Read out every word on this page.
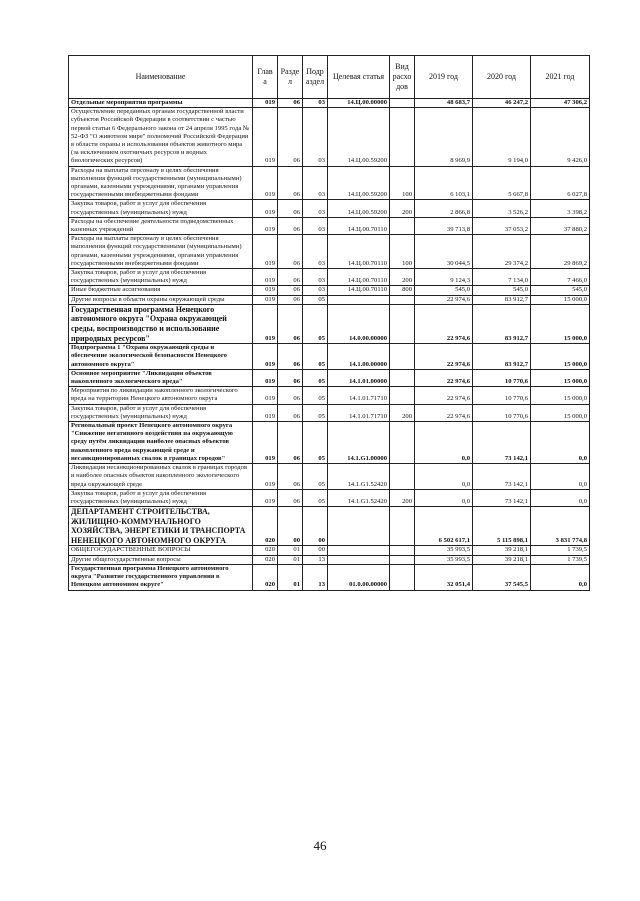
Наименование	Глав а	Разде л	Подр аздел	Целевая статья	Вид расхо дов	2019 год	2020 год	2021 год
Отдельные мероприятия программы	019	06	03	14.Ц.00.00000		48 683,7	46 247,2	47 306,2
Осуществление переданных органам государственной власти субъектов Российской Федерации в соответствии с частью первой статьи 6 Федерального закона от 24 апреля 1995 года № 52-ФЗ "О животном мире" полномочий Российской Федерации в области охраны и использования объектов животного мира (за исключением охотничьих ресурсов и водных биологических ресурсов)	019	06	03	14.Ц.00.59200		8 969,9	9 194,0	9 426,0
Расходы на выплаты персоналу в целях обеспечения выполнения функций государственными (муниципальными) органами, казенными учреждениями, органами управления государственными внебюджетными фондами	019	06	03	14.Ц.00.59200	100	6 103,1	5 667,8	6 027,8
Закупка товаров, работ и услуг для обеспечения государственных (муниципальных) нужд	019	06	03	14.Ц.00.59200	200	2 866,8	3 526,2	3 398,2
Расходы на обеспечение деятельности подведомственных казенных учреждений	019	06	03	14.Ц.00.70110		39 713,8	37 053,2	37 880,2
Расходы на выплаты персоналу в целях обеспечения выполнения функций государственными (муниципальными) органами, казенными учреждениями, органами управления государственными внебюджетными фондами	019	06	03	14.Ц.00.70110	100	30 044,5	29 374,2	29 869,2
Закупка товаров, работ и услуг для обеспечения государственных (муниципальных) нужд	019	06	03	14.Ц.00.70110	200	9 124,3	7 134,0	7 466,0
Иные бюджетные ассигнования	019	06	03	14.Ц.00.70110	800	545,0	545,0	545,0
Другие вопросы в области охраны окружающей среды	019	06	05			22 974,6	83 912,7	15 000,0
Государственная программа Ненецкого автономного округа "Охрана окружающей среды, воспроизводство и использование природных ресурсов"	019	06	05	14.0.00.00000		22 974,6	83 912,7	15 000,0
Подпрограмма 1 "Охрана окружающей среды и обеспечение экологической безопасности Ненецкого автономного округа"	019	06	05	14.1.00.00000		22 974,6	83 912,7	15 000,0
Основное мероприятие "Ликвидация объектов накопленного экологического вреда"	019	06	05	14.1.01.00000		22 974,6	10 770,6	15 000,0
Мероприятия по ликвидации накопленного экологического вреда на территории Ненецкого автономного округа	019	06	05	14.1.01.71710		22 974,6	10 770,6	15 000,0
Закупка товаров, работ и услуг для обеспечения государственных (муниципальных) нужд	019	06	05	14.1.01.71710	200	22 974,6	10 770,6	15 000,0
Региональный проект Ненецкого автономного округа "Снижение негативного воздействия на окружающую среду путём ликвидации наиболее опасных объектов накопленного вреда окружающей среде и несанкционированных свалок в границах городов"	019	06	05	14.1.G1.00000		0,0	73 142,1	0,0
Ликвидация несанкционированных свалок в границах городов и наиболее опасных объектов накопленного экологического вреда окружающей среде	019	06	05	14.1.G1.52420		0,0	73 142,1	0,0
Закупка товаров, работ и услуг для обеспечения государственных (муниципальных) нужд	019	06	05	14.1.G1.52420	200	0,0	73 142,1	0,0
ДЕПАРТАМЕНТ СТРОИТЕЛЬСТВА, ЖИЛИЩНО-КОММУНАЛЬНОГО ХОЗЯЙСТВА, ЭНЕРГЕТИКИ И ТРАНСПОРТА НЕНЕЦКОГО АВТОНОМНОГО ОКРУГА	020	00	00			6 502 617,1	5 115 898,1	3 831 774,8
ОБЩЕГОСУДАРСТВЕННЫЕ ВОПРОСЫ	020	01	00			35 993,5	39 218,1	1 739,5
Другие общегосударственные вопросы	020	01	13			35 993,5	39 218,1	1 739,5
Государственная программа Ненецкого автономного округа "Развитие государственного управления в Ненецком автономном округе"	020	01	13	01.0.00.00000		32 051,4	37 545,5	0,0
46
